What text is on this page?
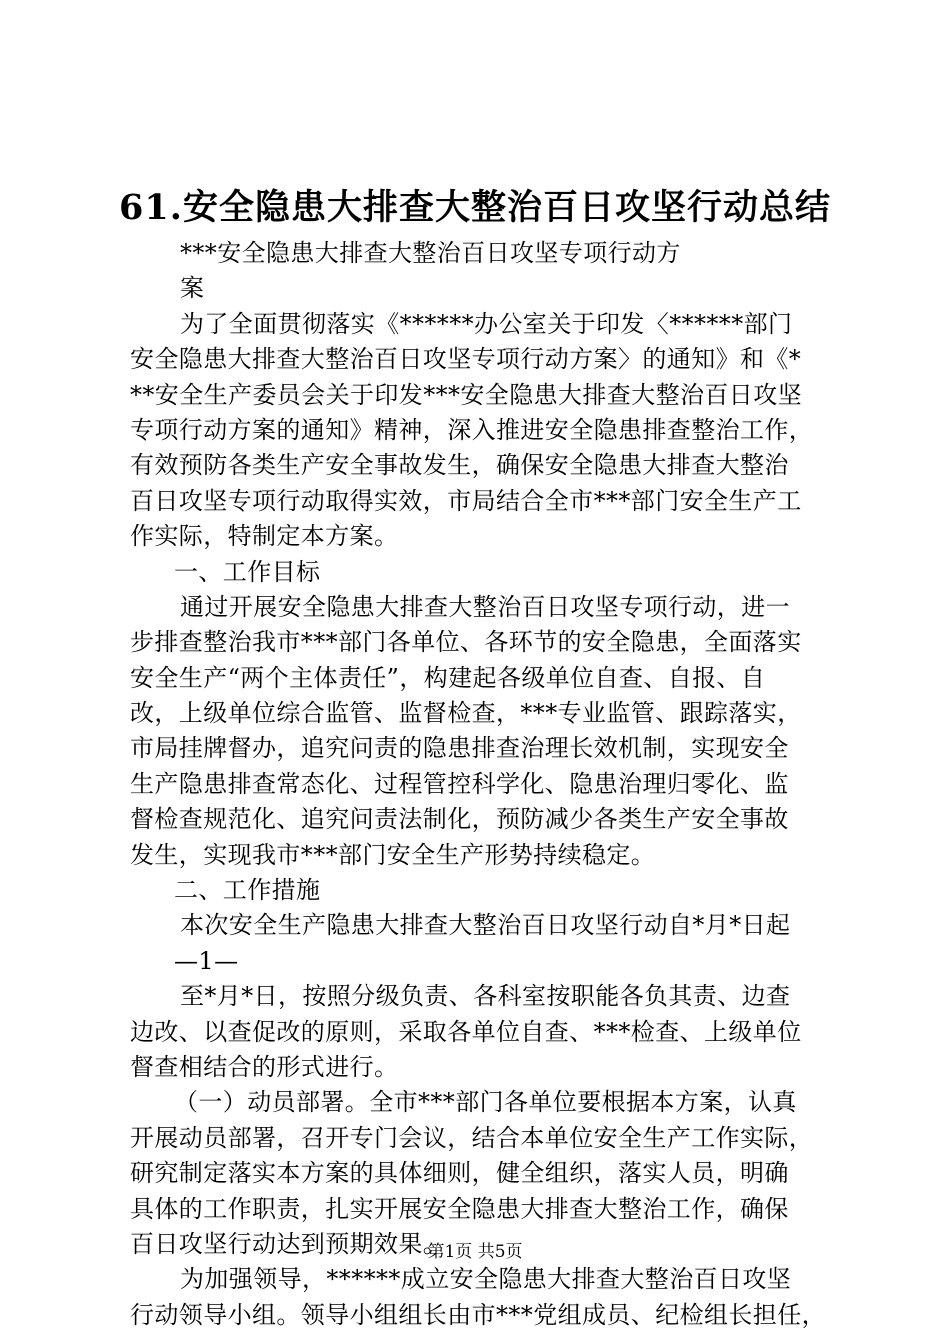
61.安全隐患大排查大整治百日攻坚行动总结
***安全隐患大排查大整治百日攻坚专项行动方
案
为了全面贯彻落实《******办公室关于印发〈******部门
安全隐患大排查大整治百日攻坚专项行动方案〉的通知》和《*
**安全生产委员会关于印发***安全隐患大排查大整治百日攻坚
专项行动方案的通知》精神，深入推进安全隐患排查整治工作，
有效预防各类生产安全事故发生，确保安全隐患大排查大整治
百日攻坚专项行动取得实效，市局结合全市***部门安全生产工
作实际，特制定本方案。
一、工作目标
通过开展安全隐患大排查大整治百日攻坚专项行动，进一
步排查整治我市***部门各单位、各环节的安全隐患，全面落实
安全生产“两个主体责任”，构建起各级单位自查、自报、自
改，上级单位综合监管、监督检查，***专业监管、跟踪落实，
市局挂牌督办，追究问责的隐患排查治理长效机制，实现安全
生产隐患排查常态化、过程管控科学化、隐患治理归零化、监
督检查规范化、追究问责法制化，预防减少各类生产安全事故
发生，实现我市***部门安全生产形势持续稳定。
二、工作措施
本次安全生产隐患大排查大整治百日攻坚行动自*月*日起
—1—
至*月*日，按照分级负责、各科室按职能各负其责、边查
边改、以查促改的原则，采取各单位自查、***检查、上级单位
督查相结合的形式进行。
（一）动员部署。全市***部门各单位要根据本方案，认真
开展动员部署，召开专门会议，结合本单位安全生产工作实际，
研究制定落实本方案的具体细则，健全组织，落实人员，明确
具体的工作职责，扎实开展安全隐患大排查大整治工作，确保
百日攻坚行动达到预期效果。
为加强领导，******成立安全隐患大排查大整治百日攻坚
行动领导小组。领导小组组长由市***党组成员、纪检组长担任，
第1页 共5页
